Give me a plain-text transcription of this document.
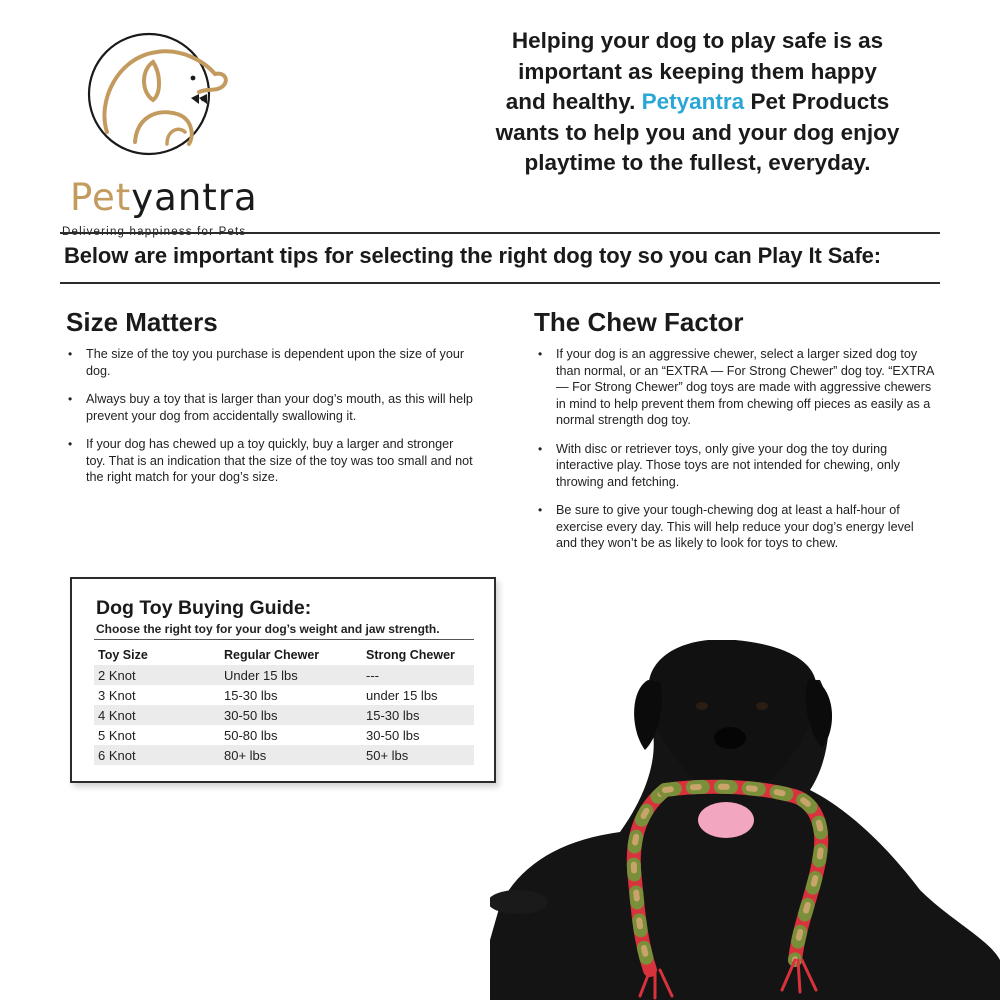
Petyantra
Helping your dog to play safe is as
important as keeping them happy
and healthy. Petyantra Pet Products
wants to help you and your dog enjoy
playtime to the fullest, everyday.
Below are important tips for selecting the right dog toy so you can Play It Safe:
Size Matters
• The size of the toy you purchase is dependent upon the size of your dog.
• Always buy a toy that is larger than your dog’s mouth, as this will help prevent your dog from accidentally swallowing it.
• If your dog has chewed up a toy quickly, buy a larger and stronger toy. That is an indication that the size of the toy was too small and not the right match for your dog’s size.
The Chew Factor
• If your dog is an aggressive chewer, select a larger sized dog toy than normal, or an “EXTRA — For Strong Chewer” dog toy. “EXTRA — For Strong Chewer” dog toys are made with aggressive chewers in mind to help prevent them from chewing off pieces as easily as a normal strength dog toy.
• With disc or retriever toys, only give your dog the toy during interactive play. Those toys are not intended for chewing, only throwing and fetching.
• Be sure to give your tough-chewing dog at least a half-hour of exercise every day. This will help reduce your dog’s energy level and they won’t be as likely to look for toys to chew.
Dog Toy Buying Guide:
Choose the right toy for your dog’s weight and jaw strength.
Toy Size	Regular Chewer	Strong Chewer
2 Knot	Under 15 lbs	---
3 Knot	15-30 lbs	under 15 lbs
4 Knot	30-50 lbs	15-30 lbs
5 Knot	50-80 lbs	30-50 lbs
6 Knot	80+ lbs	50+ lbs
